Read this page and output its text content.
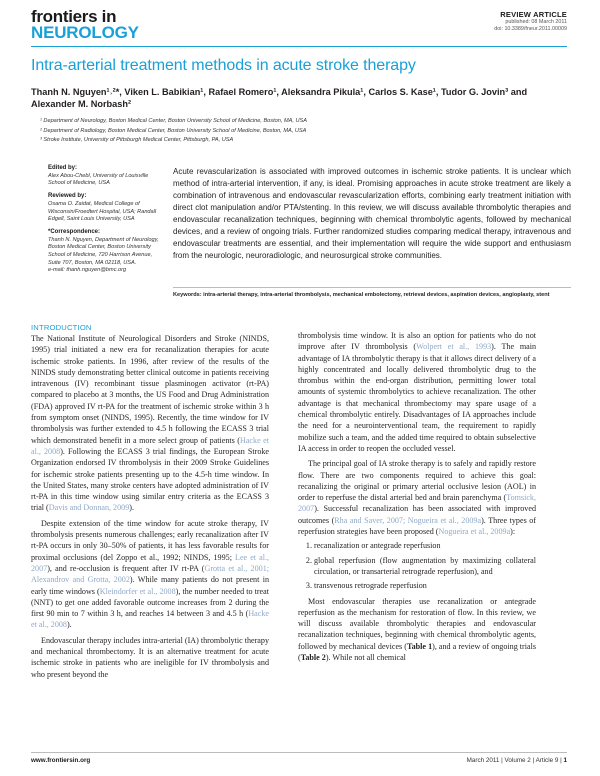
frontiers in
NEUROLOGY
REVIEW ARTICLE
published: 08 March 2011
doi: 10.3389/fneur.2011.00009
Intra-arterial treatment methods in acute stroke therapy
Thanh N. Nguyen¹˒²*, Viken L. Babikian¹, Rafael Romero¹, Aleksandra Pikula¹, Carlos S. Kase¹, Tudor G. Jovin³ and Alexander M. Norbash²
¹ Department of Neurology, Boston Medical Center, Boston University School of Medicine, Boston, MA, USA
² Department of Radiology, Boston Medical Center, Boston University School of Medicine, Boston, MA, USA
³ Stroke Institute, University of Pittsburgh Medical Center, Pittsburgh, PA, USA
Edited by:
Alex Abou-Chebl, University of Louisville School of Medicine, USA
Reviewed by:
Osama O. Zaidat, Medical College of Wisconsin/Froedtert Hospital, USA; Randall Edgell, Saint Louis University, USA
*Correspondence:
Thanh N. Nguyen, Department of Neurology, Boston Medical Center, Boston University School of Medicine, 720 Harrison Avenue, Suite 707, Boston, MA 02118, USA.
e-mail: thanh.nguyen@bmc.org
Acute revascularization is associated with improved outcomes in ischemic stroke patients. It is unclear which method of intra-arterial intervention, if any, is ideal. Promising approaches in acute stroke treatment are likely a combination of intravenous and endovascular revascularization efforts, combining early treatment initiation with direct clot manipulation and/or PTA/stenting. In this review, we will discuss available thrombolytic therapies and endovascular recanalization techniques, beginning with chemical thrombolytic agents, followed by mechanical devices, and a review of ongoing trials. Further randomized studies comparing medical therapy, intravenous and endovascular treatments are essential, and their implementation will require the wide support and enthusiasm from the neurologic, neuroradiologic, and neurosurgical stroke communities.
Keywords: intra-arterial therapy, intra-arterial thrombolysis, mechanical embolectomy, retrieval devices, aspiration devices, angioplasty, stent
INTRODUCTION

The National Institute of Neurological Disorders and Stroke (NINDS, 1995) trial initiated a new era for recanalization therapies for acute ischemic stroke patients. In 1996, after review of the results of the NINDS study demonstrating better clinical outcome in patients receiving intravenous (IV) recombinant tissue plasminogen activator (rt-PA) compared to placebo at 3 months, the US Food and Drug Administration (FDA) approved IV rt-PA for the treatment of ischemic stroke within 3 h from symptom onset (NINDS, 1995). Recently, the time window for IV thrombolysis was further extended to 4.5 h following the ECASS 3 trial which demonstrated benefit in a more select group of patients (Hacke et al., 2008). Following the ECASS 3 trial findings, the European Stroke Organization endorsed IV thrombolysis in their 2009 Stroke Guidelines for ischemic stroke patients presenting up to the 4.5-h time window. In the United States, many stroke centers have adopted administration of IV rt-PA in this time window using similar entry criteria as the ECASS 3 trial (Davis and Donnan, 2009).

Despite extension of the time window for acute stroke therapy, IV thrombolysis presents numerous challenges; early recanalization after IV rt-PA occurs in only 30–50% of patients, it has less favorable results for proximal occlusions (del Zoppo et al., 1992; NINDS, 1995; Lee et al., 2007), and re-occlusion is frequent after IV rt-PA (Grotta et al., 2001; Alexandrov and Grotta, 2002). While many patients do not present in early time windows (Kleindorfer et al., 2008), the number needed to treat (NNT) to get one added favorable outcome increases from 2 during the first 90 min to 7 within 3 h, and reaches 14 between 3 and 4.5 h (Hacke et al., 2008).

Endovascular therapy includes intra-arterial (IA) thrombolytic therapy and mechanical thrombectomy. It is an alternative treatment for acute ischemic stroke in patients who are ineligible for IV thrombolysis and who present beyond the

thrombolysis time window. It is also an option for patients who do not improve after IV thrombolysis (Wolpert et al., 1993). The main advantage of IA thrombolytic therapy is that it allows direct delivery of a highly concentrated and locally delivered thrombolytic drug to the thrombus within the end-organ distribution, permitting lower total amounts of systemic thrombolytics to achieve recanalization. The other advantage is that mechanical thrombectomy may spare usage of a chemical thrombolytic entirely. Disadvantages of IA approaches include the need for a neurointerventional team, the requirement to rapidly mobilize such a team, and the added time required to obtain subselective IA access in order to reopen the occluded vessel.

The principal goal of IA stroke therapy is to safely and rapidly restore flow. There are two components required to achieve this goal: recanalizing the original or primary arterial occlusive lesion (AOL) in order to reperfuse the distal arterial bed and brain parenchyma (Tomsick, 2007). Successful recanalization has been associated with improved outcomes (Rha and Saver, 2007; Nogueira et al., 2009a). Three types of reperfusion strategies have been proposed (Nogueira et al., 2009a):

1. recanalization or antegrade reperfusion
2. global reperfusion (flow augmentation by maximizing collateral circulation, or transarterial retrograde reperfusion), and
3. transvenous retrograde reperfusion

Most endovascular therapies use recanalization or antegrade reperfusion as the mechanism for restoration of flow. In this review, we will discuss available thrombolytic therapies and endovascular recanalization techniques, beginning with chemical thrombolytic agents, followed by mechanical devices (Table 1), and a review of ongoing trials (Table 2). While not all chemical

www.frontiersin.org	March 2011 | Volume 2 | Article 9 | 1
